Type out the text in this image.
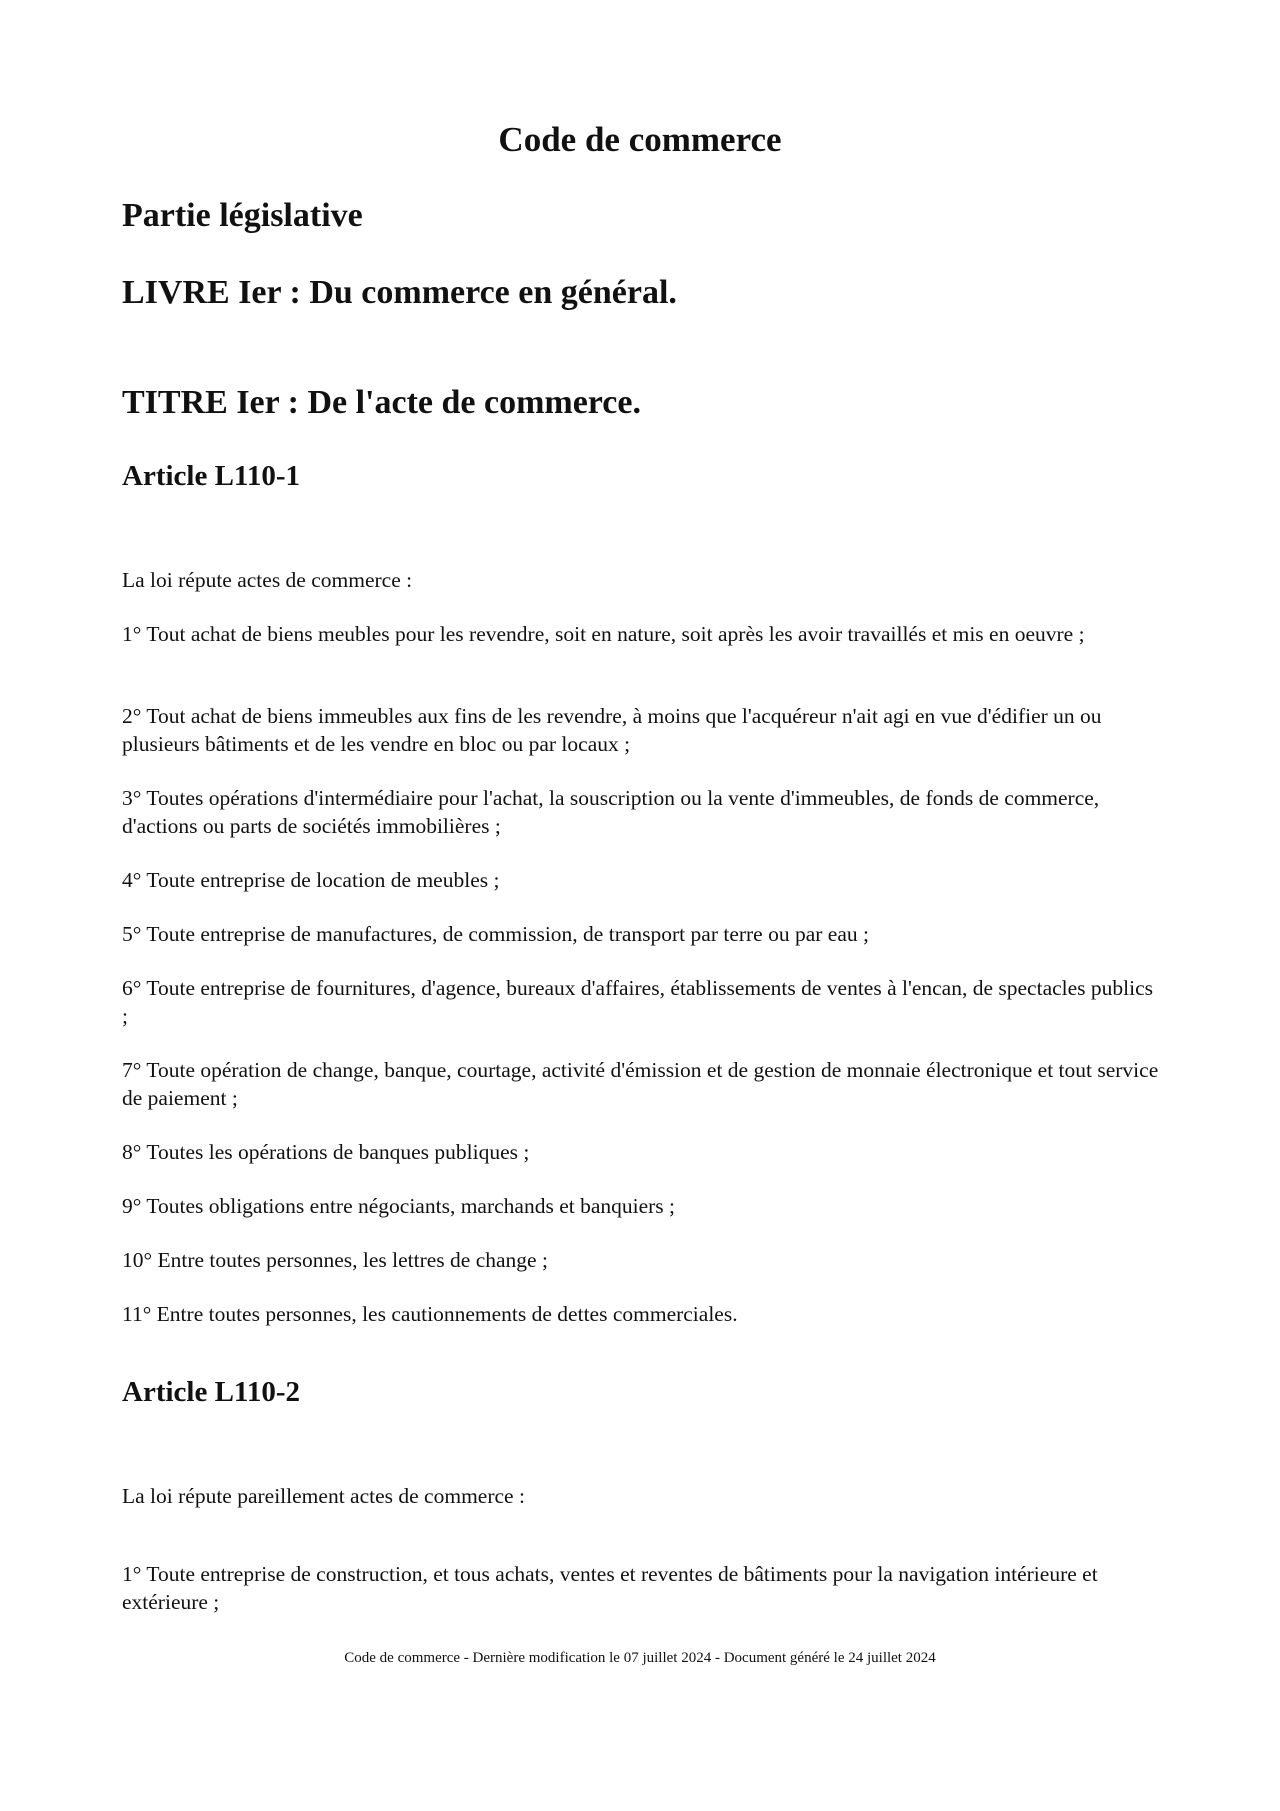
Code de commerce
Partie législative
LIVRE Ier : Du commerce en général.
TITRE Ier : De l'acte de commerce.
Article L110-1

La loi répute actes de commerce :

1° Tout achat de biens meubles pour les revendre, soit en nature, soit après les avoir travaillés et mis en oeuvre ;

2° Tout achat de biens immeubles aux fins de les revendre, à moins que l'acquéreur n'ait agi en vue d'édifier un ou plusieurs bâtiments et de les vendre en bloc ou par locaux ;

3° Toutes opérations d'intermédiaire pour l'achat, la souscription ou la vente d'immeubles, de fonds de commerce, d'actions ou parts de sociétés immobilières ;

4° Toute entreprise de location de meubles ;

5° Toute entreprise de manufactures, de commission, de transport par terre ou par eau ;

6° Toute entreprise de fournitures, d'agence, bureaux d'affaires, établissements de ventes à l'encan, de spectacles publics ;

7° Toute opération de change, banque, courtage, activité d'émission et de gestion de monnaie électronique et tout service de paiement ;

8° Toutes les opérations de banques publiques ;

9° Toutes obligations entre négociants, marchands et banquiers ;

10° Entre toutes personnes, les lettres de change ;

11° Entre toutes personnes, les cautionnements de dettes commerciales.

Article L110-2

La loi répute pareillement actes de commerce :

1° Toute entreprise de construction, et tous achats, ventes et reventes de bâtiments pour la navigation intérieure et extérieure ;

Code de commerce - Dernière modification le 07 juillet 2024 - Document généré le 24 juillet 2024
